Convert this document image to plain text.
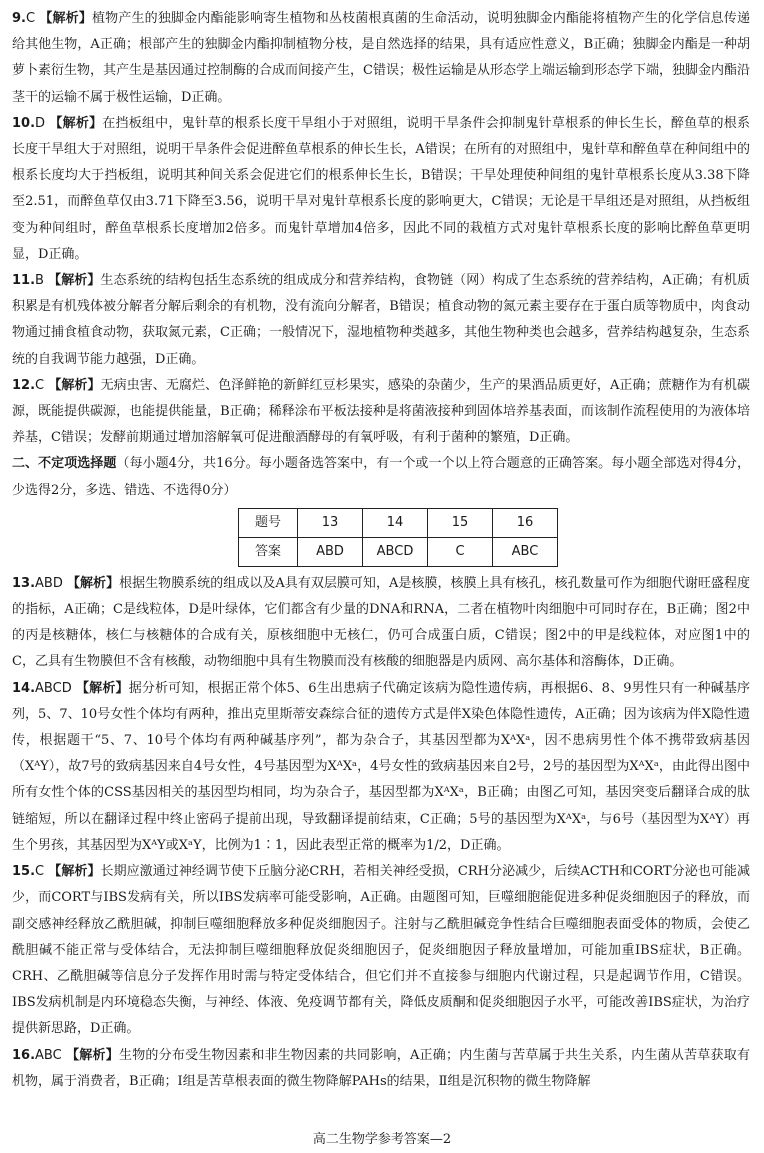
9.C 【解析】植物产生的独脚金内酯能影响寄生植物和丛枝菌根真菌的生命活动，说明独脚金内酯能将植物产生的化学信息传递给其他生物，A正确；根部产生的独脚金内酯抑制植物分枝，是自然选择的结果，具有适应性意义，B正确；独脚金内酯是一种胡萝卜素衍生物，其产生是基因通过控制酶的合成而间接产生，C错误；极性运输是从形态学上端运输到形态学下端，独脚金内酯沿茎干的运输不属于极性运输，D正确。

10.D 【解析】在挡板组中，鬼针草的根系长度干旱组小于对照组，说明干旱条件会抑制鬼针草根系的伸长生长，醉鱼草的根系长度干旱组大于对照组，说明干旱条件会促进醉鱼草根系的伸长生长，A错误；在所有的对照组中，鬼针草和醉鱼草在种间组中的根系长度均大于挡板组，说明其种间关系会促进它们的根系伸长生长，B错误；干旱处理使种间组的鬼针草根系长度从3.38下降至2.51，而醉鱼草仅由3.71下降至3.56，说明干旱对鬼针草根系长度的影响更大，C错误；无论是干旱组还是对照组，从挡板组变为种间组时，醉鱼草根系长度增加2倍多。而鬼针草增加4倍多，因此不同的栽植方式对鬼针草根系长度的影响比醉鱼草更明显，D正确。

11.B 【解析】生态系统的结构包括生态系统的组成成分和营养结构，食物链（网）构成了生态系统的营养结构，A正确；有机质积累是有机残体被分解者分解后剩余的有机物，没有流向分解者，B错误；植食动物的氮元素主要存在于蛋白质等物质中，肉食动物通过捕食植食动物，获取氮元素，C正确；一般情况下，湿地植物种类越多，其他生物种类也会越多，营养结构越复杂，生态系统的自我调节能力越强，D正确。

12.C 【解析】无病虫害、无腐烂、色泽鲜艳的新鲜红豆杉果实，感染的杂菌少，生产的果酒品质更好，A正确；蔗糖作为有机碳源，既能提供碳源，也能提供能量，B正确；稀释涂布平板法接种是将菌液接种到固体培养基表面，而该制作流程使用的为液体培养基，C错误；发酵前期通过增加溶解氧可促进酿酒酵母的有氧呼吸，有利于菌种的繁殖，D正确。

二、不定项选择题（每小题4分，共16分。每小题备选答案中，有一个或一个以上符合题意的正确答案。每小题全部选对得4分，少选得2分，多选、错选、不选得0分）

题号	13	14	15	16
答案	ABD	ABCD	C	ABC

13.ABD 【解析】根据生物膜系统的组成以及A具有双层膜可知，A是核膜，核膜上具有核孔，核孔数量可作为细胞代谢旺盛程度的指标，A正确；C是线粒体，D是叶绿体，它们都含有少量的DNA和RNA，二者在植物叶肉细胞中可同时存在，B正确；图2中的丙是核糖体，核仁与核糖体的合成有关，原核细胞中无核仁，仍可合成蛋白质，C错误；图2中的甲是线粒体，对应图1中的C，乙具有生物膜但不含有核酸，动物细胞中具有生物膜而没有核酸的细胞器是内质网、高尔基体和溶酶体，D正确。

14.ABCD 【解析】据分析可知，根据正常个体5、6生出患病子代确定该病为隐性遗传病，再根据6、8、9男性只有一种碱基序列，5、7、10号女性个体均有两种，推出克里斯蒂安森综合征的遗传方式是伴X染色体隐性遗传，A正确；因为该病为伴X隐性遗传，根据题干“5、7、10号个体均有两种碱基序列”，都为杂合子，其基因型都为XᴬXᵃ，因不患病男性个体不携带致病基因（XᴬY），故7号的致病基因来自4号女性，4号基因型为XᴬXᵃ，4号女性的致病基因来自2号，2号的基因型为XᴬXᵃ，由此得出图中所有女性个体的CSS基因相关的基因型均相同，均为杂合子，基因型都为XᴬXᵃ，B正确；由图乙可知，基因突变后翻译合成的肽链缩短，所以在翻译过程中终止密码子提前出现，导致翻译提前结束，C正确；5号的基因型为XᴬXᵃ，与6号（基因型为XᴬY）再生个男孩，其基因型为XᴬY或XᵃY，比例为1∶1，因此表型正常的概率为1/2，D正确。

15.C 【解析】长期应激通过神经调节使下丘脑分泌CRH，若相关神经受损，CRH分泌减少，后续ACTH和CORT分泌也可能减少，而CORT与IBS发病有关，所以IBS发病率可能受影响，A正确。由题图可知，巨噬细胞能促进多种促炎细胞因子的释放，而副交感神经释放乙酰胆碱，抑制巨噬细胞释放多种促炎细胞因子。注射与乙酰胆碱竞争性结合巨噬细胞表面受体的物质，会使乙酰胆碱不能正常与受体结合，无法抑制巨噬细胞释放促炎细胞因子，促炎细胞因子释放量增加，可能加重IBS症状，B正确。CRH、乙酰胆碱等信息分子发挥作用时需与特定受体结合，但它们并不直接参与细胞内代谢过程，只是起调节作用，C错误。IBS发病机制是内环境稳态失衡，与神经、体液、免疫调节都有关，降低皮质酮和促炎细胞因子水平，可能改善IBS症状，为治疗提供新思路，D正确。

16.ABC 【解析】生物的分布受生物因素和非生物因素的共同影响，A正确；内生菌与苦草属于共生关系，内生菌从苦草获取有机物，属于消费者，B正确；Ⅰ组是苦草根表面的微生物降解PAHs的结果，Ⅱ组是沉积物的微生物降解

高二生物学参考答案—2
